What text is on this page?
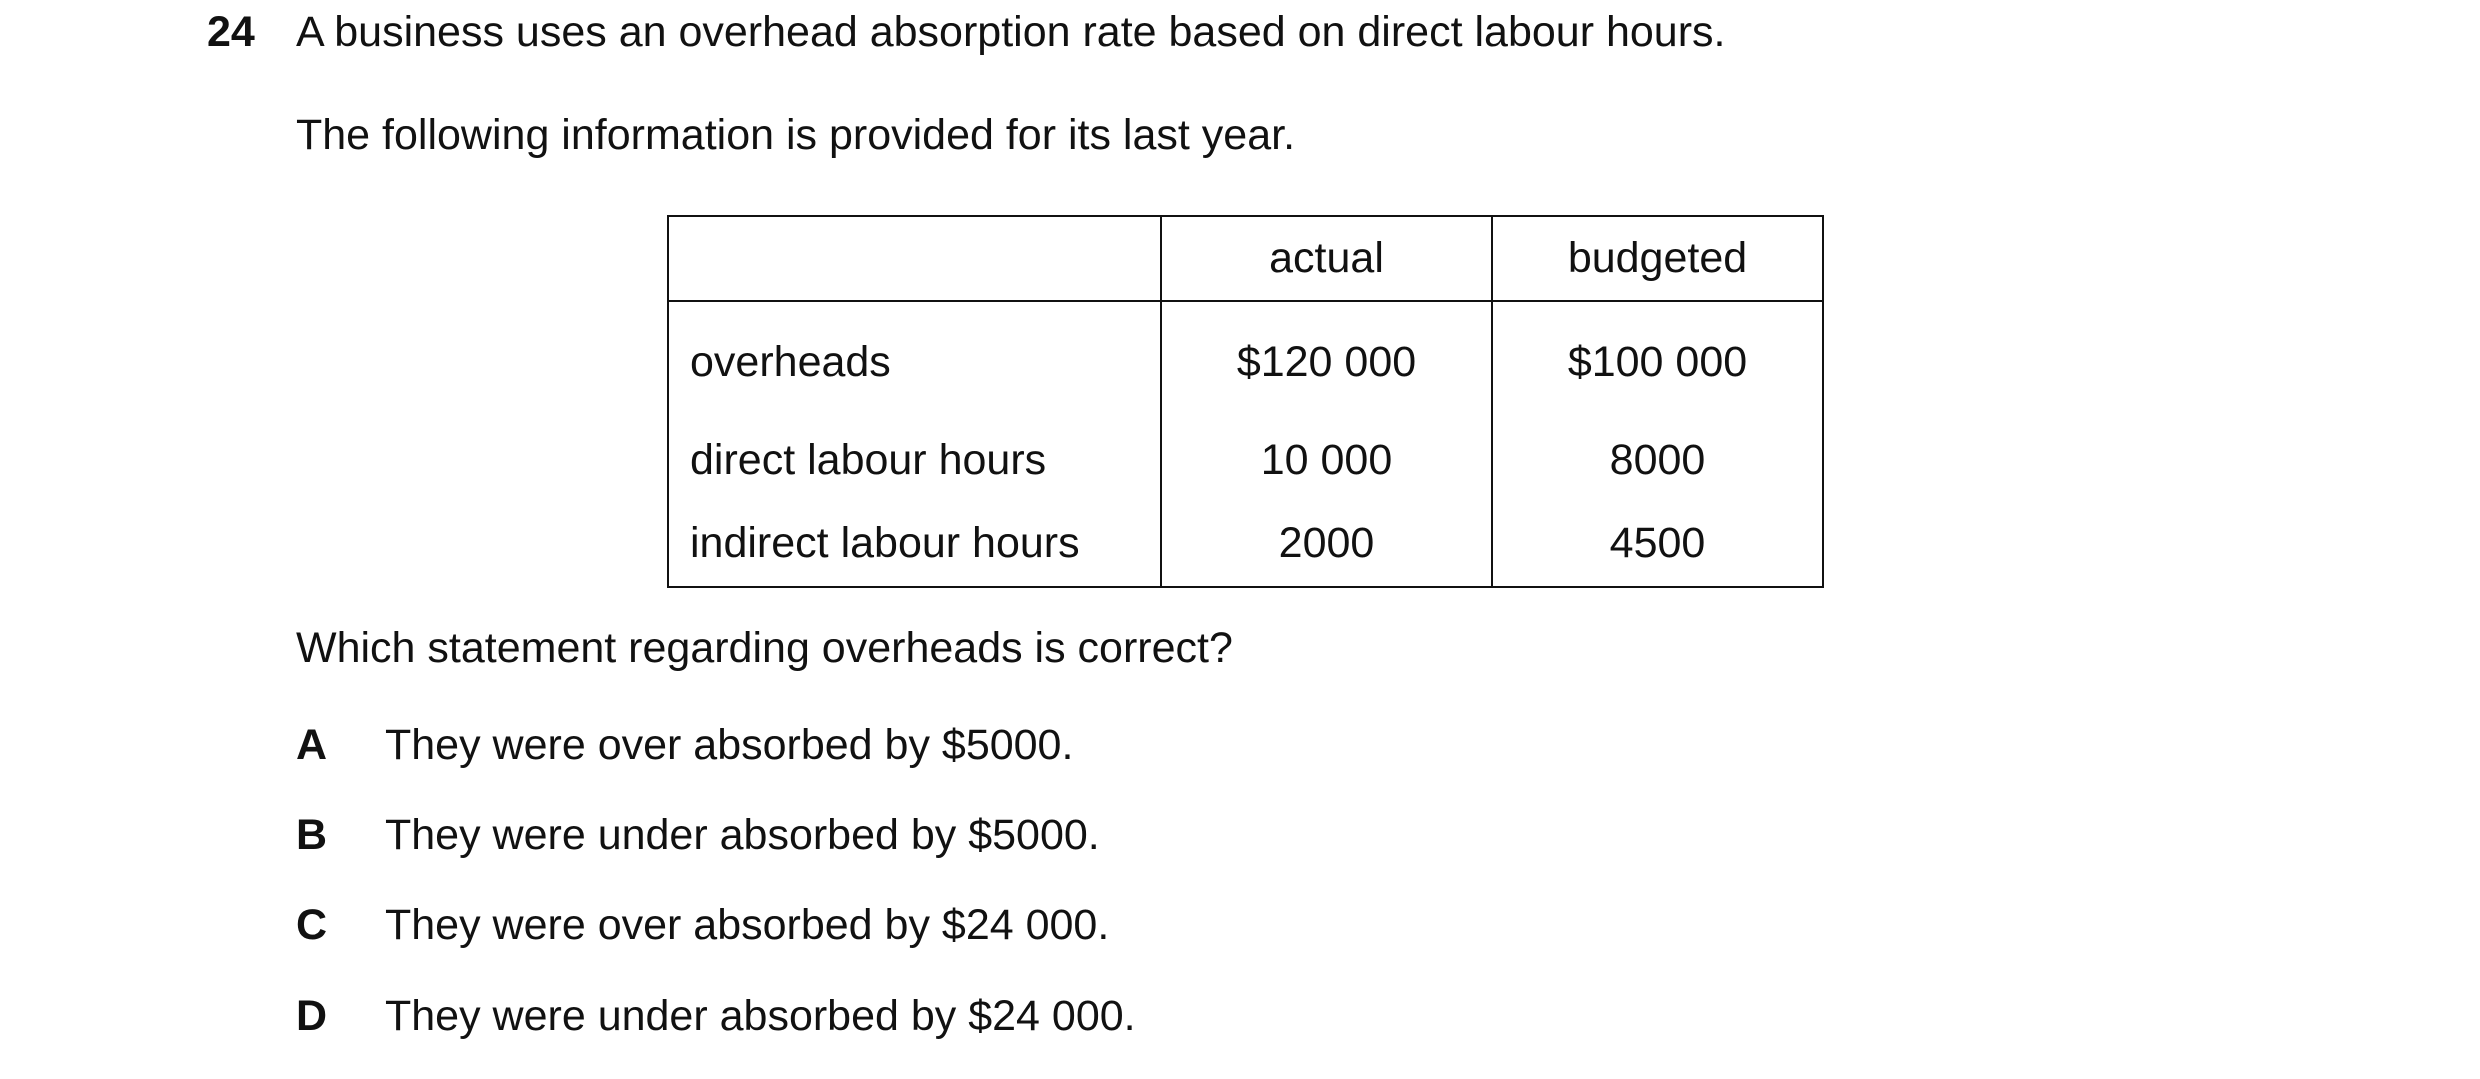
24 A business uses an overhead absorption rate based on direct labour hours.
The following information is provided for its last year.
	actual	budgeted
overheads	$120 000	$100 000
direct labour hours	10 000	8000
indirect labour hours	2000	4500
Which statement regarding overheads is correct?
A They were over absorbed by $5000.
B They were under absorbed by $5000.
C They were over absorbed by $24 000.
D They were under absorbed by $24 000.
